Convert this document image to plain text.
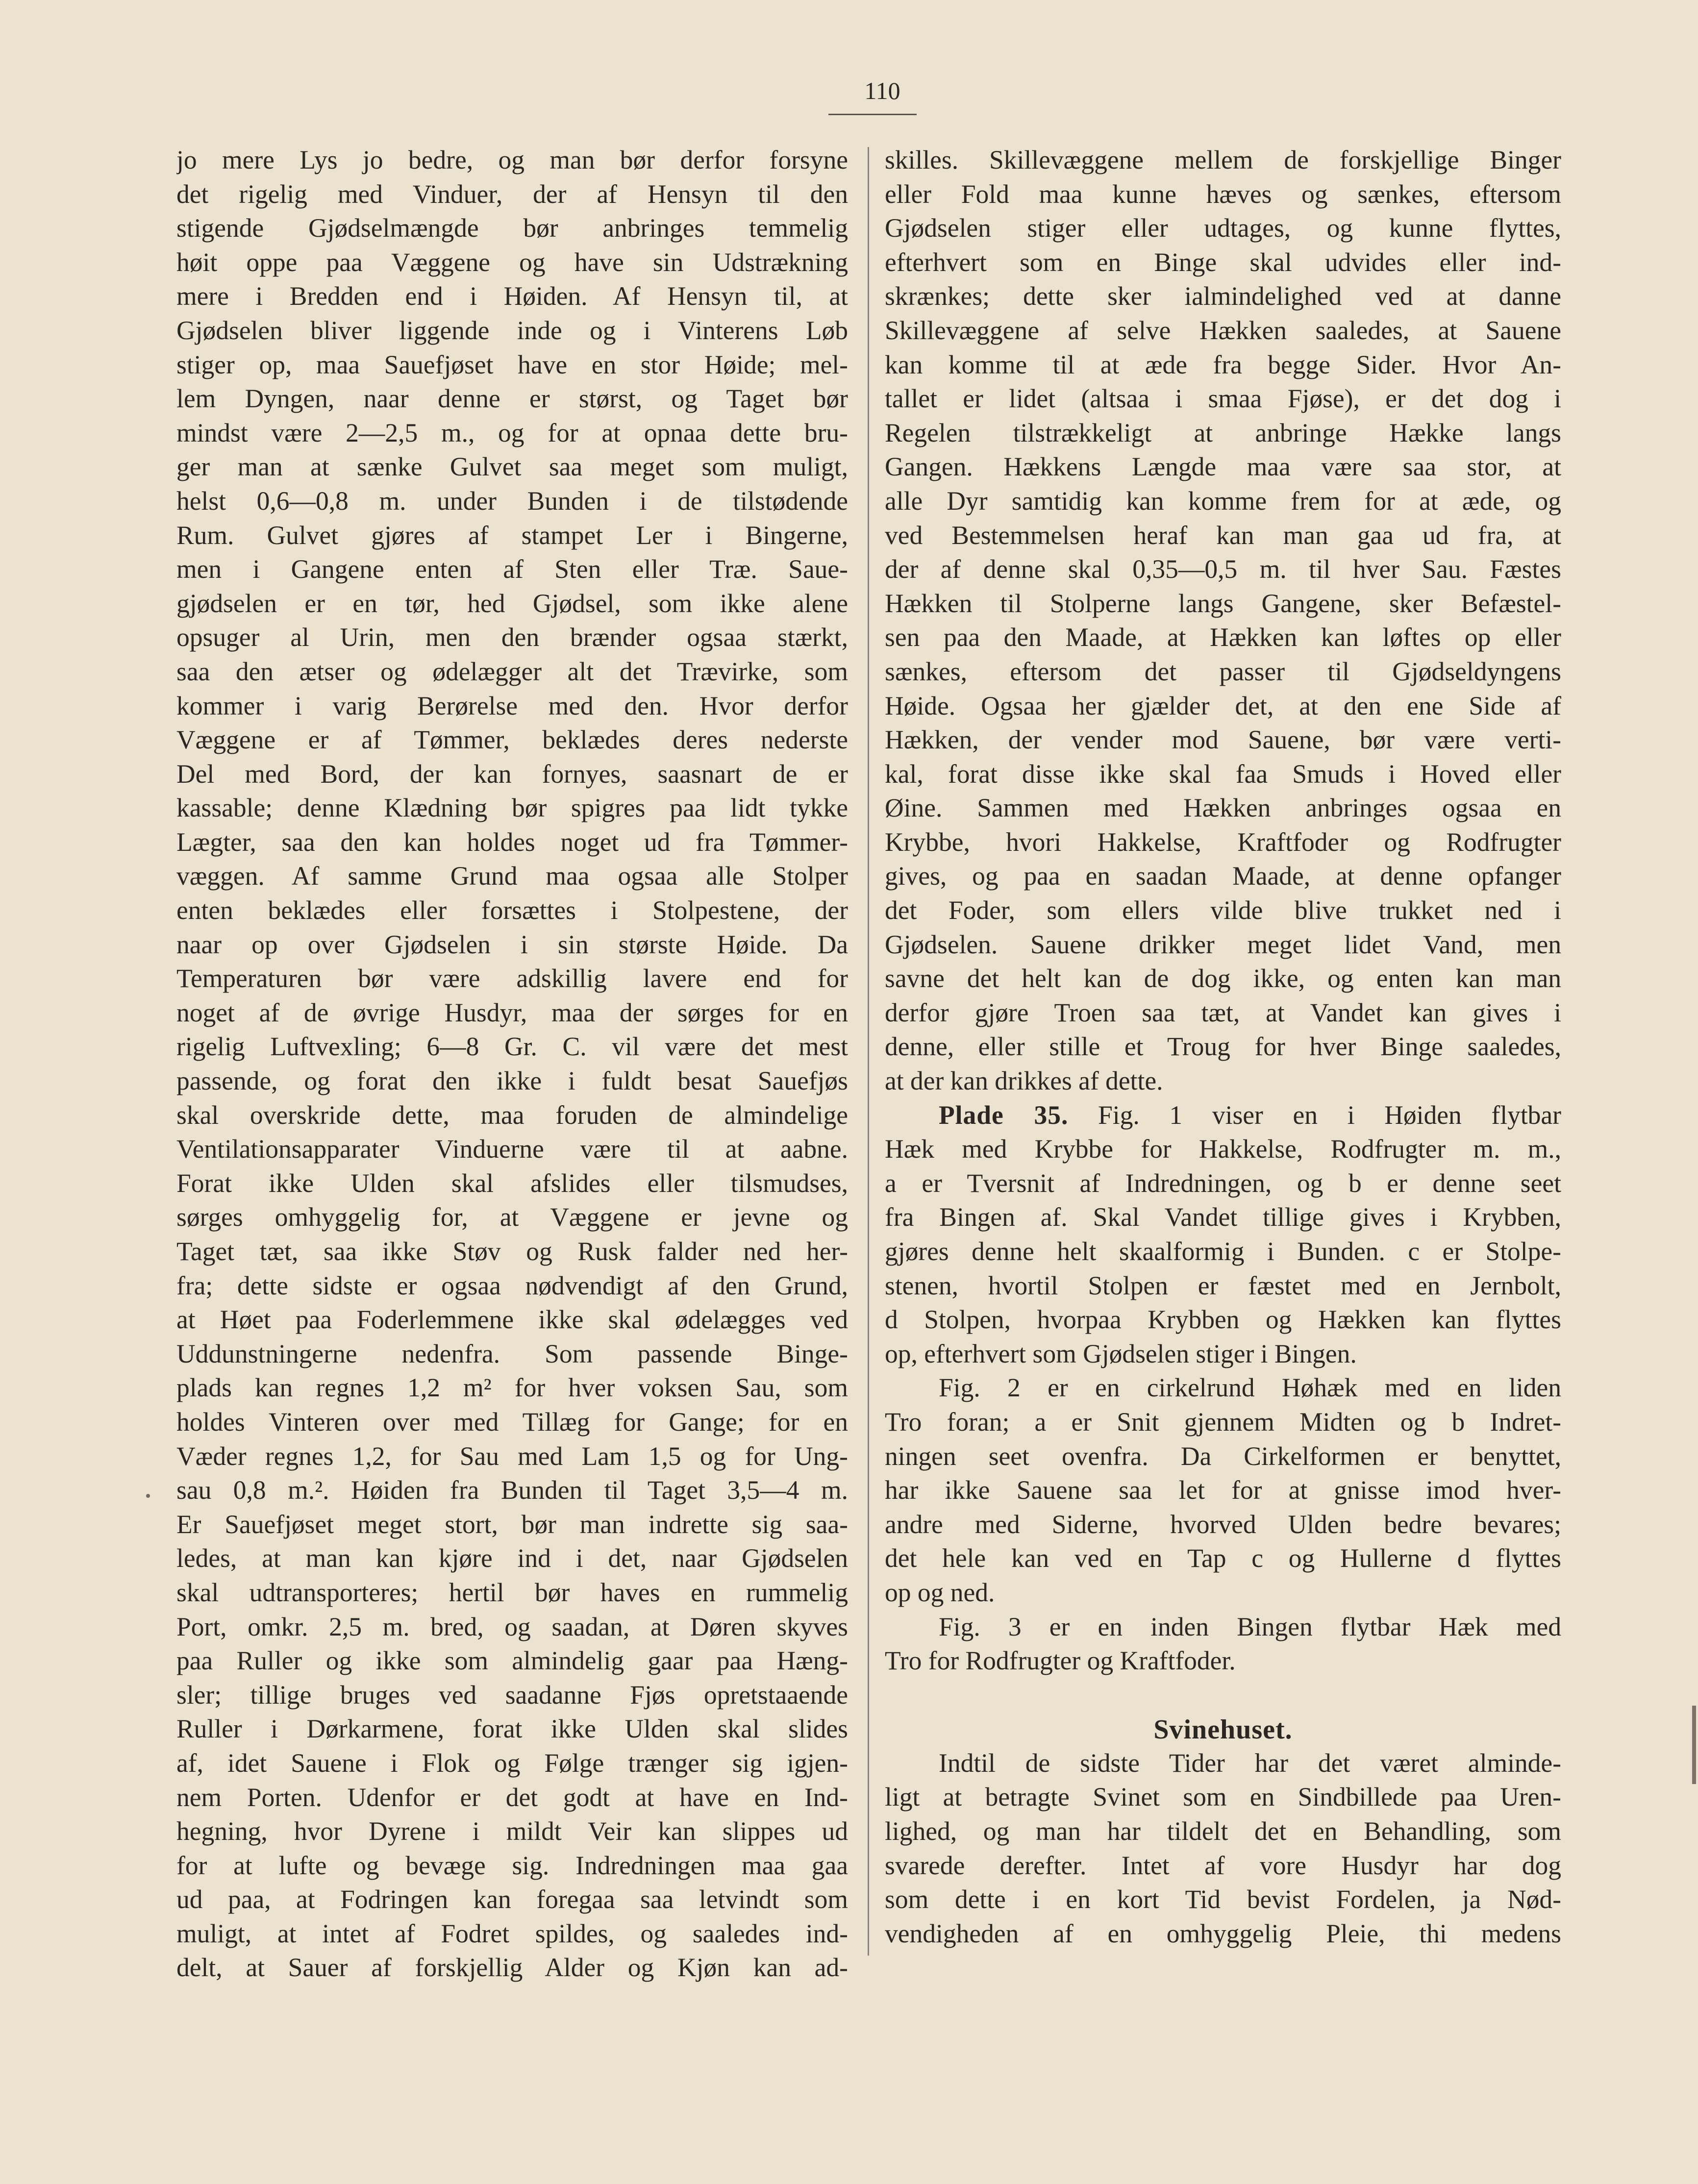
110
jo mere Lys jo bedre, og man bør derfor forsyne
det rigelig med Vinduer, der af Hensyn til den
stigende Gjødselmængde bør anbringes temmelig
høit oppe paa Væggene og have sin Udstrækning
mere i Bredden end i Høiden. Af Hensyn til, at
Gjødselen bliver liggende inde og i Vinterens Løb
stiger op, maa Sauefjøset have en stor Høide; mel-
lem Dyngen, naar denne er størst, og Taget bør
mindst være 2—2,5 m., og for at opnaa dette bru-
ger man at sænke Gulvet saa meget som muligt,
helst 0,6—0,8 m. under Bunden i de tilstødende
Rum. Gulvet gjøres af stampet Ler i Bingerne,
men i Gangene enten af Sten eller Træ. Saue-
gjødselen er en tør, hed Gjødsel, som ikke alene
opsuger al Urin, men den brænder ogsaa stærkt,
saa den ætser og ødelægger alt det Trævirke, som
kommer i varig Berørelse med den. Hvor derfor
Væggene er af Tømmer, beklædes deres nederste
Del med Bord, der kan fornyes, saasnart de er
kassable; denne Klædning bør spigres paa lidt tykke
Lægter, saa den kan holdes noget ud fra Tømmer-
væggen. Af samme Grund maa ogsaa alle Stolper
enten beklædes eller forsættes i Stolpestene, der
naar op over Gjødselen i sin største Høide. Da
Temperaturen bør være adskillig lavere end for
noget af de øvrige Husdyr, maa der sørges for en
rigelig Luftvexling; 6—8 Gr. C. vil være det mest
passende, og forat den ikke i fuldt besat Sauefjøs
skal overskride dette, maa foruden de almindelige
Ventilationsapparater Vinduerne være til at aabne.
Forat ikke Ulden skal afslides eller tilsmudses,
sørges omhyggelig for, at Væggene er jevne og
Taget tæt, saa ikke Støv og Rusk falder ned her-
fra; dette sidste er ogsaa nødvendigt af den Grund,
at Høet paa Foderlemmene ikke skal ødelægges ved
Uddunstningerne nedenfra. Som passende Binge-
plads kan regnes 1,2 m² for hver voksen Sau, som
holdes Vinteren over med Tillæg for Gange; for en
Væder regnes 1,2, for Sau med Lam 1,5 og for Ung-
sau 0,8 m.². Høiden fra Bunden til Taget 3,5—4 m.
Er Sauefjøset meget stort, bør man indrette sig saa-
ledes, at man kan kjøre ind i det, naar Gjødselen
skal udtransporteres; hertil bør haves en rummelig
Port, omkr. 2,5 m. bred, og saadan, at Døren skyves
paa Ruller og ikke som almindelig gaar paa Hæng-
sler; tillige bruges ved saadanne Fjøs opretstaaende
Ruller i Dørkarmene, forat ikke Ulden skal slides
af, idet Sauene i Flok og Følge trænger sig igjen-
nem Porten. Udenfor er det godt at have en Ind-
hegning, hvor Dyrene i mildt Veir kan slippes ud
for at lufte og bevæge sig. Indredningen maa gaa
ud paa, at Fodringen kan foregaa saa letvindt som
muligt, at intet af Fodret spildes, og saaledes ind-
delt, at Sauer af forskjellig Alder og Kjøn kan ad-
skilles. Skillevæggene mellem de forskjellige Binger
eller Fold maa kunne hæves og sænkes, eftersom
Gjødselen stiger eller udtages, og kunne flyttes,
efterhvert som en Binge skal udvides eller ind-
skrænkes; dette sker ialmindelighed ved at danne
Skillevæggene af selve Hækken saaledes, at Sauene
kan komme til at æde fra begge Sider. Hvor An-
tallet er lidet (altsaa i smaa Fjøse), er det dog i
Regelen tilstrækkeligt at anbringe Hække langs
Gangen. Hækkens Længde maa være saa stor, at
alle Dyr samtidig kan komme frem for at æde, og
ved Bestemmelsen heraf kan man gaa ud fra, at
der af denne skal 0,35—0,5 m. til hver Sau. Fæstes
Hækken til Stolperne langs Gangene, sker Befæstel-
sen paa den Maade, at Hækken kan løftes op eller
sænkes, eftersom det passer til Gjødseldyngens
Høide. Ogsaa her gjælder det, at den ene Side af
Hækken, der vender mod Sauene, bør være verti-
kal, forat disse ikke skal faa Smuds i Hoved eller
Øine. Sammen med Hækken anbringes ogsaa en
Krybbe, hvori Hakkelse, Kraftfoder og Rodfrugter
gives, og paa en saadan Maade, at denne opfanger
det Foder, som ellers vilde blive trukket ned i
Gjødselen. Sauene drikker meget lidet Vand, men
savne det helt kan de dog ikke, og enten kan man
derfor gjøre Troen saa tæt, at Vandet kan gives i
denne, eller stille et Troug for hver Binge saaledes,
at der kan drikkes af dette.
Plade 35. Fig. 1 viser en i Høiden flytbar
Hæk med Krybbe for Hakkelse, Rodfrugter m. m.,
a er Tversnit af Indredningen, og b er denne seet
fra Bingen af. Skal Vandet tillige gives i Krybben,
gjøres denne helt skaalformig i Bunden. c er Stolpe-
stenen, hvortil Stolpen er fæstet med en Jernbolt,
d Stolpen, hvorpaa Krybben og Hækken kan flyttes
op, efterhvert som Gjødselen stiger i Bingen.
Fig. 2 er en cirkelrund Høhæk med en liden
Tro foran; a er Snit gjennem Midten og b Indret-
ningen seet ovenfra. Da Cirkelformen er benyttet,
har ikke Sauene saa let for at gnisse imod hver-
andre med Siderne, hvorved Ulden bedre bevares;
det hele kan ved en Tap c og Hullerne d flyttes
op og ned.
Fig. 3 er en inden Bingen flytbar Hæk med
Tro for Rodfrugter og Kraftfoder.
Svinehuset.
Indtil de sidste Tider har det været alminde-
ligt at betragte Svinet som en Sindbillede paa Uren-
lighed, og man har tildelt det en Behandling, som
svarede derefter. Intet af vore Husdyr har dog
som dette i en kort Tid bevist Fordelen, ja Nød-
vendigheden af en omhyggelig Pleie, thi medens
